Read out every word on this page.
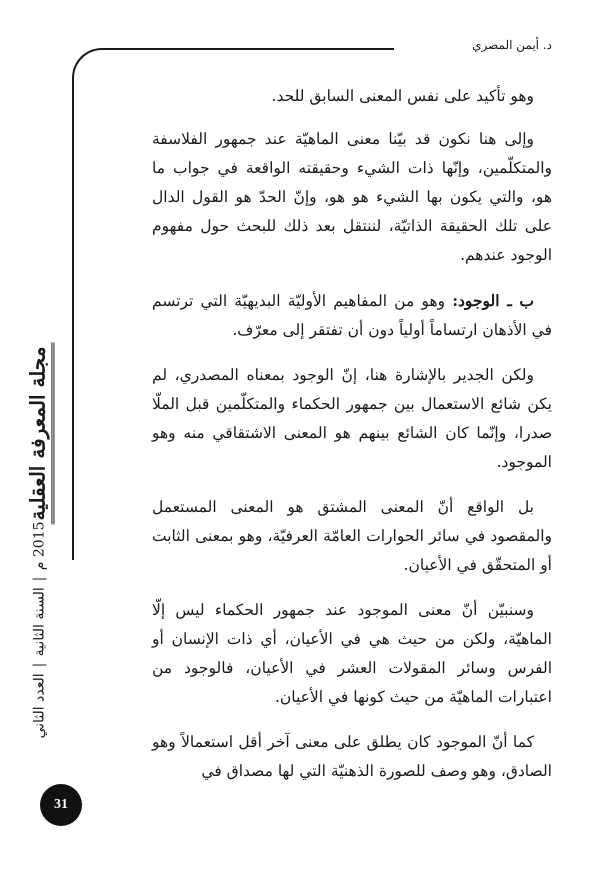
د. أيمن المصري
مجلة المعرفة العقلية
العدد الثاني
السنة الثانية
2015 م
31

وهو تأكيد على نفس المعنى السابق للحد.

وإلى هنا نكون قد بيّنا معنى الماهيّة عند جمهور الفلاسفة والمتكلّمين، وإنّها ذات الشيء وحقيقته الواقعة في جواب ما هو، والتي يكون بها الشيء هو هو، وإنّ الحدّ هو القول الدال على تلك الحقيقة الذاتيّة، لننتقل بعد ذلك للبحث حول مفهوم الوجود عندهم.

ب ـ الوجود: وهو من المفاهيم الأوليّة البديهيّة التي ترتسم في الأذهان ارتساماً أولياً دون أن تفتقر إلى معرّف.

ولكن الجدير بالإشارة هنا، إنّ الوجود بمعناه المصدري، لم يكن شائع الاستعمال بين جمهور الحكماء والمتكلّمين قبل الملّا صدرا، وإنّما كان الشائع بينهم هو المعنى الاشتقاقي منه وهو الموجود.

بل الواقع أنّ المعنى المشتق هو المعنى المستعمل والمقصود في سائر الحوارات العامّة العرفيّة، وهو بمعنى الثابت أو المتحقّق في الأعيان.

وسنبيّن أنّ معنى الموجود عند جمهور الحكماء ليس إلّا الماهيّة، ولكن من حيث هي في الأعيان، أي ذات الإنسان أو الفرس وسائر المقولات العشر في الأعيان، فالوجود من اعتبارات الماهيّة من حيث كونها في الأعيان.

كما أنّ الموجود كان يطلق على معنى آخر أقل استعمالاً وهو الصادق، وهو وصف للصورة الذهنيّة التي لها مصداق في
